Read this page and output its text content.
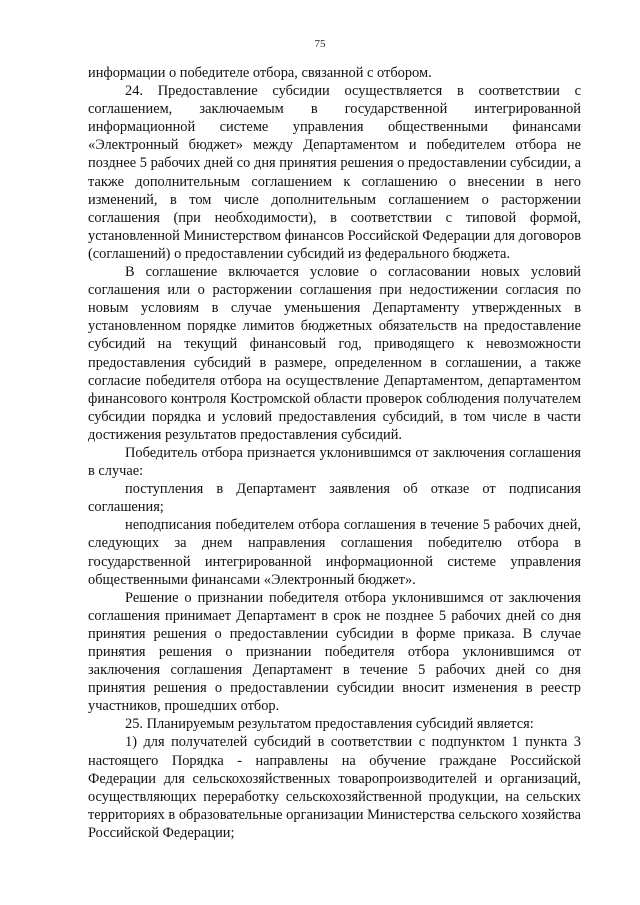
75

информации о победителе отбора, связанной с отбором.

24. Предоставление субсидии осуществляется в соответствии с соглашением, заключаемым в государственной интегрированной информационной системе управления общественными финансами «Электронный бюджет» между Департаментом и победителем отбора не позднее 5 рабочих дней со дня принятия решения о предоставлении субсидии, а также дополнительным соглашением к соглашению о внесении в него изменений, в том числе дополнительным соглашением о расторжении соглашения (при необходимости), в соответствии с типовой формой, установленной Министерством финансов Российской Федерации для договоров (соглашений) о предоставлении субсидий из федерального бюджета.

В соглашение включается условие о согласовании новых условий соглашения или о расторжении соглашения при недостижении согласия по новым условиям в случае уменьшения Департаменту утвержденных в установленном порядке лимитов бюджетных обязательств на предоставление субсидий на текущий финансовый год, приводящего к невозможности предоставления субсидий в размере, определенном в соглашении, а также согласие победителя отбора на осуществление Департаментом, департаментом финансового контроля Костромской области проверок соблюдения получателем субсидии порядка и условий предоставления субсидий, в том числе в части достижения результатов предоставления субсидий.

Победитель отбора признается уклонившимся от заключения соглашения в случае:

поступления в Департамент заявления об отказе от подписания соглашения;

неподписания победителем отбора соглашения в течение 5 рабочих дней, следующих за днем направления соглашения победителю отбора в государственной интегрированной информационной системе управления общественными финансами «Электронный бюджет».

Решение о признании победителя отбора уклонившимся от заключения соглашения принимает Департамент в срок не позднее 5 рабочих дней со дня принятия решения о предоставлении субсидии в форме приказа. В случае принятия решения о признании победителя отбора уклонившимся от заключения соглашения Департамент в течение 5 рабочих дней со дня принятия решения о предоставлении субсидии вносит изменения в реестр участников, прошедших отбор.

25. Планируемым результатом предоставления субсидий является:

1) для получателей субсидий в соответствии с подпунктом 1 пункта 3 настоящего Порядка - направлены на обучение граждане Российской Федерации для сельскохозяйственных товаропроизводителей и организаций, осуществляющих переработку сельскохозяйственной продукции, на сельских территориях в образовательные организации Министерства сельского хозяйства Российской Федерации;
